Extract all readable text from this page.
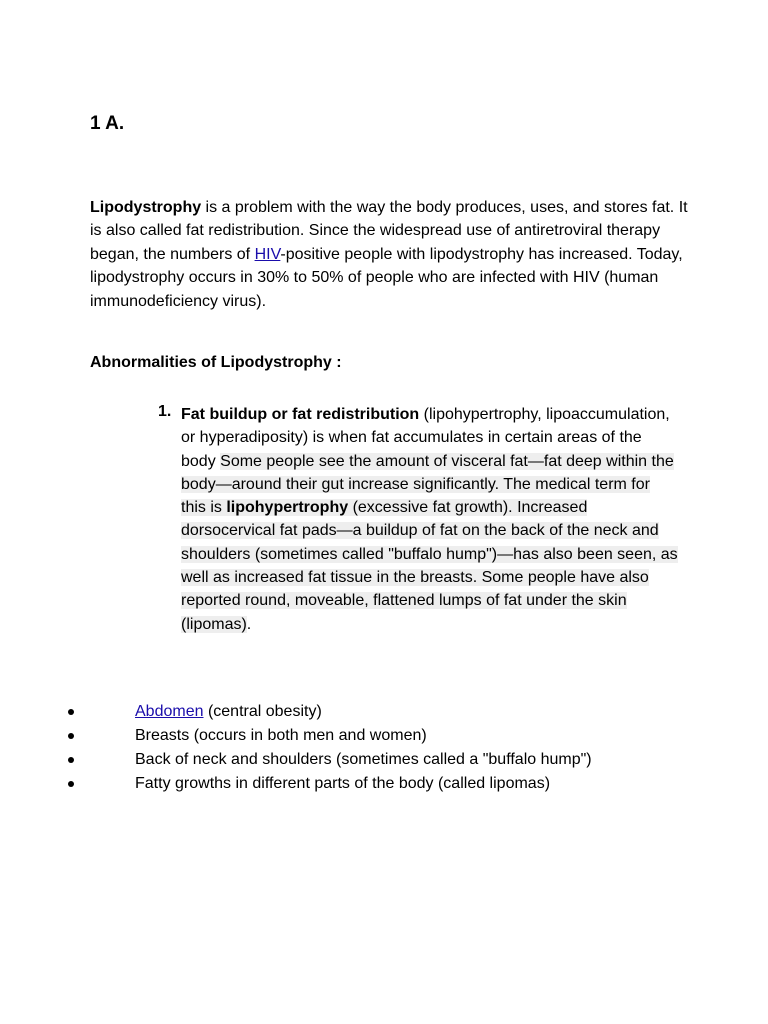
1 A.

Lipodystrophy is a problem with the way the body produces, uses, and stores fat. It is also called fat redistribution. Since the widespread use of antiretroviral therapy began, the numbers of HIV-positive people with lipodystrophy has increased. Today, lipodystrophy occurs in 30% to 50% of people who are infected with HIV (human immunodeficiency virus).

Abnormalities of Lipodystrophy :

1. Fat buildup or fat redistribution (lipohypertrophy, lipoaccumulation, or hyperadiposity) is when fat accumulates in certain areas of the body Some people see the amount of visceral fat—fat deep within the body—around their gut increase significantly. The medical term for this is lipohypertrophy (excessive fat growth). Increased dorsocervical fat pads—a buildup of fat on the back of the neck and shoulders (sometimes called "buffalo hump")—has also been seen, as well as increased fat tissue in the breasts. Some people have also reported round, moveable, flattened lumps of fat under the skin (lipomas).
Abdomen (central obesity)
Breasts (occurs in both men and women)
Back of neck and shoulders (sometimes called a "buffalo hump")
Fatty growths in different parts of the body (called lipomas)
